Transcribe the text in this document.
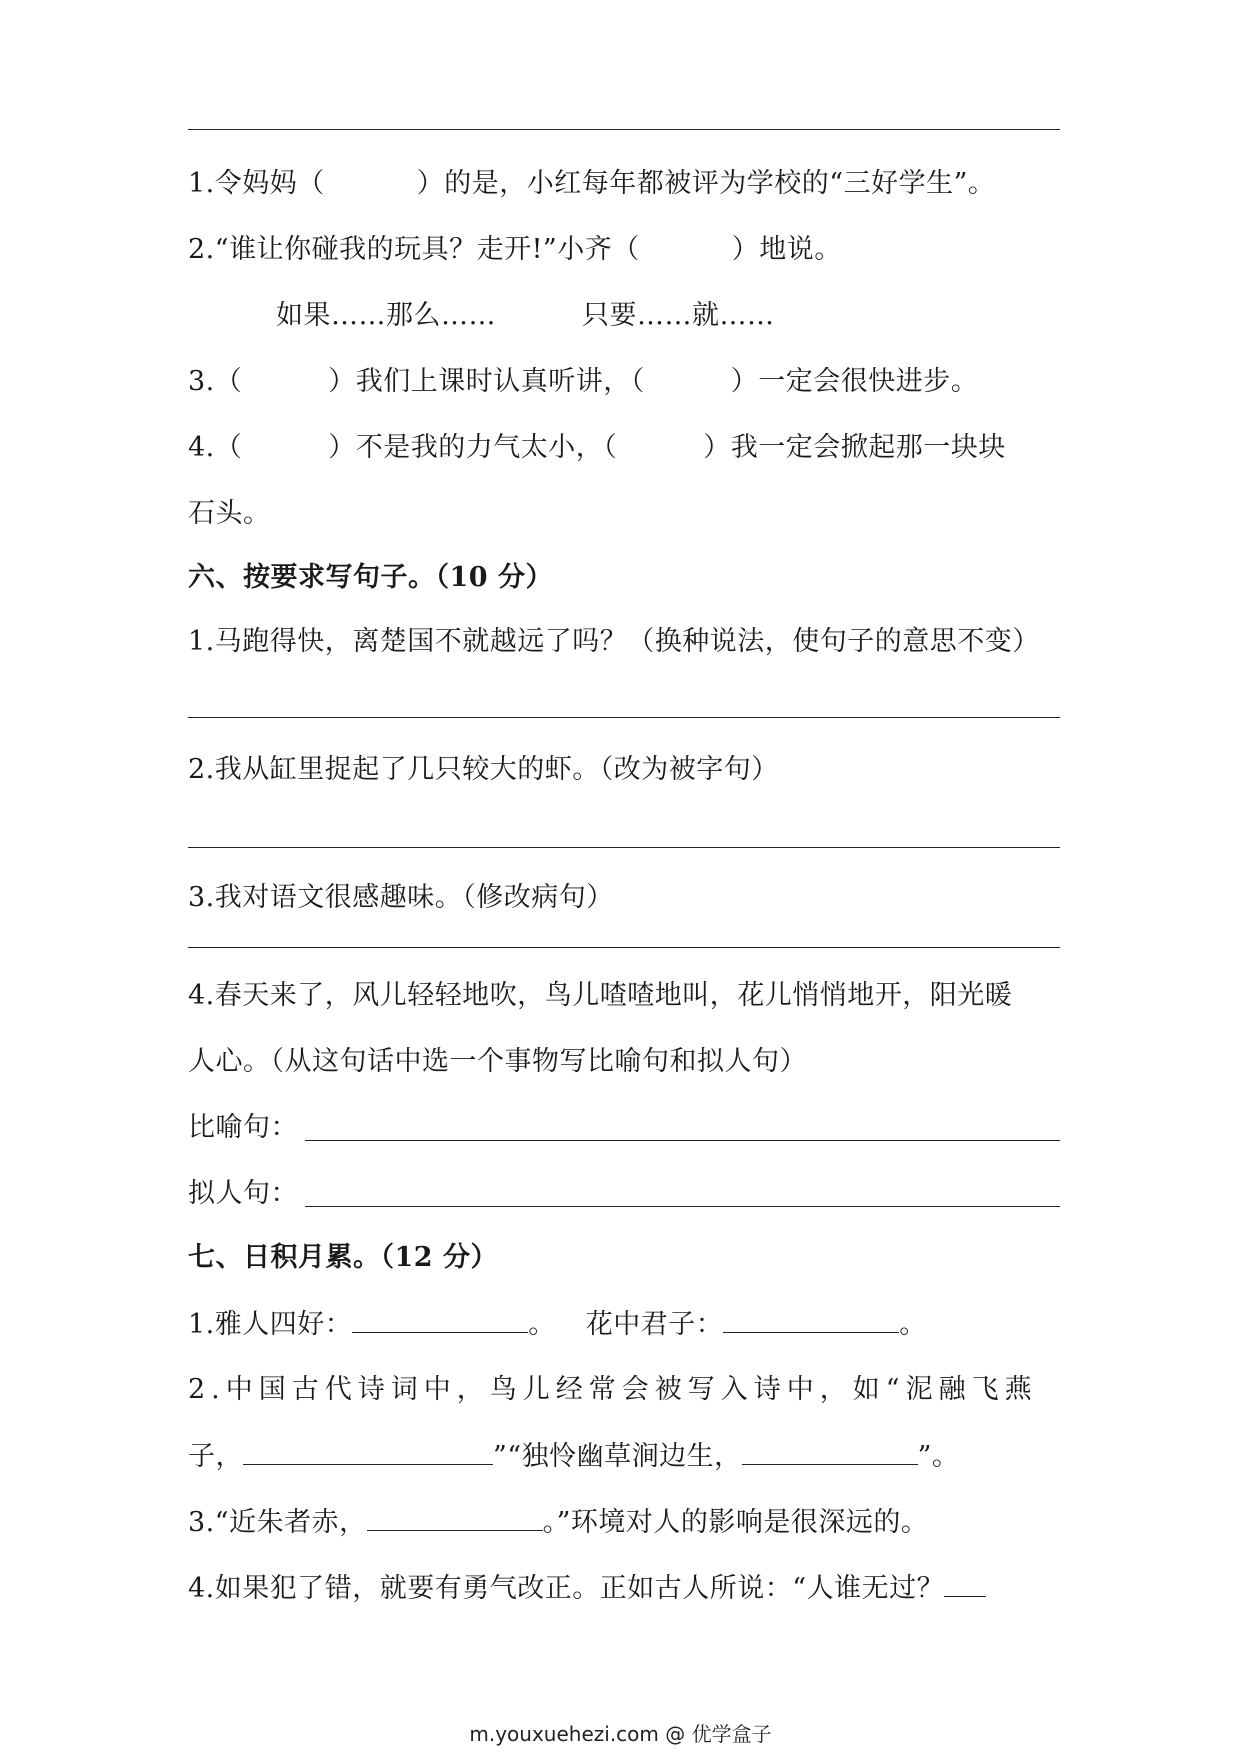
1.令妈妈（	）的是，小红每年都被评为学校的“三好学生”。
2.“谁让你碰我的玩具？走开!”小齐（	）地说。
如果……那么……	只要……就……
3.（	）我们上课时认真听讲，（	）一定会很快进步。
4.（	）不是我的力气太小，（	）我一定会掀起那一块块
石头。
六、按要求写句子。（10 分）
1.马跑得快，离楚国不就越远了吗？（换种说法，使句子的意思不变）
2.我从缸里捉起了几只较大的虾。（改为被字句）
3.我对语文很感趣味。（修改病句）
4.春天来了，风儿轻轻地吹，鸟儿喳喳地叫，花儿悄悄地开，阳光暖
人心。（从这句话中选一个事物写比喻句和拟人句）
比喻句：
拟人句：
七、日积月累。（12 分）
1.雅人四好：	。 花中君子：	。
2.中国古代诗词中，鸟儿经常会被写入诗中，如“泥融飞燕
子，	”“独怜幽草涧边生，	”。
3.“近朱者赤，	。”环境对人的影响是很深远的。
4.如果犯了错，就要有勇气改正。正如古人所说：“人谁无过？
m.youxuehezi.com @ 优学盒子
